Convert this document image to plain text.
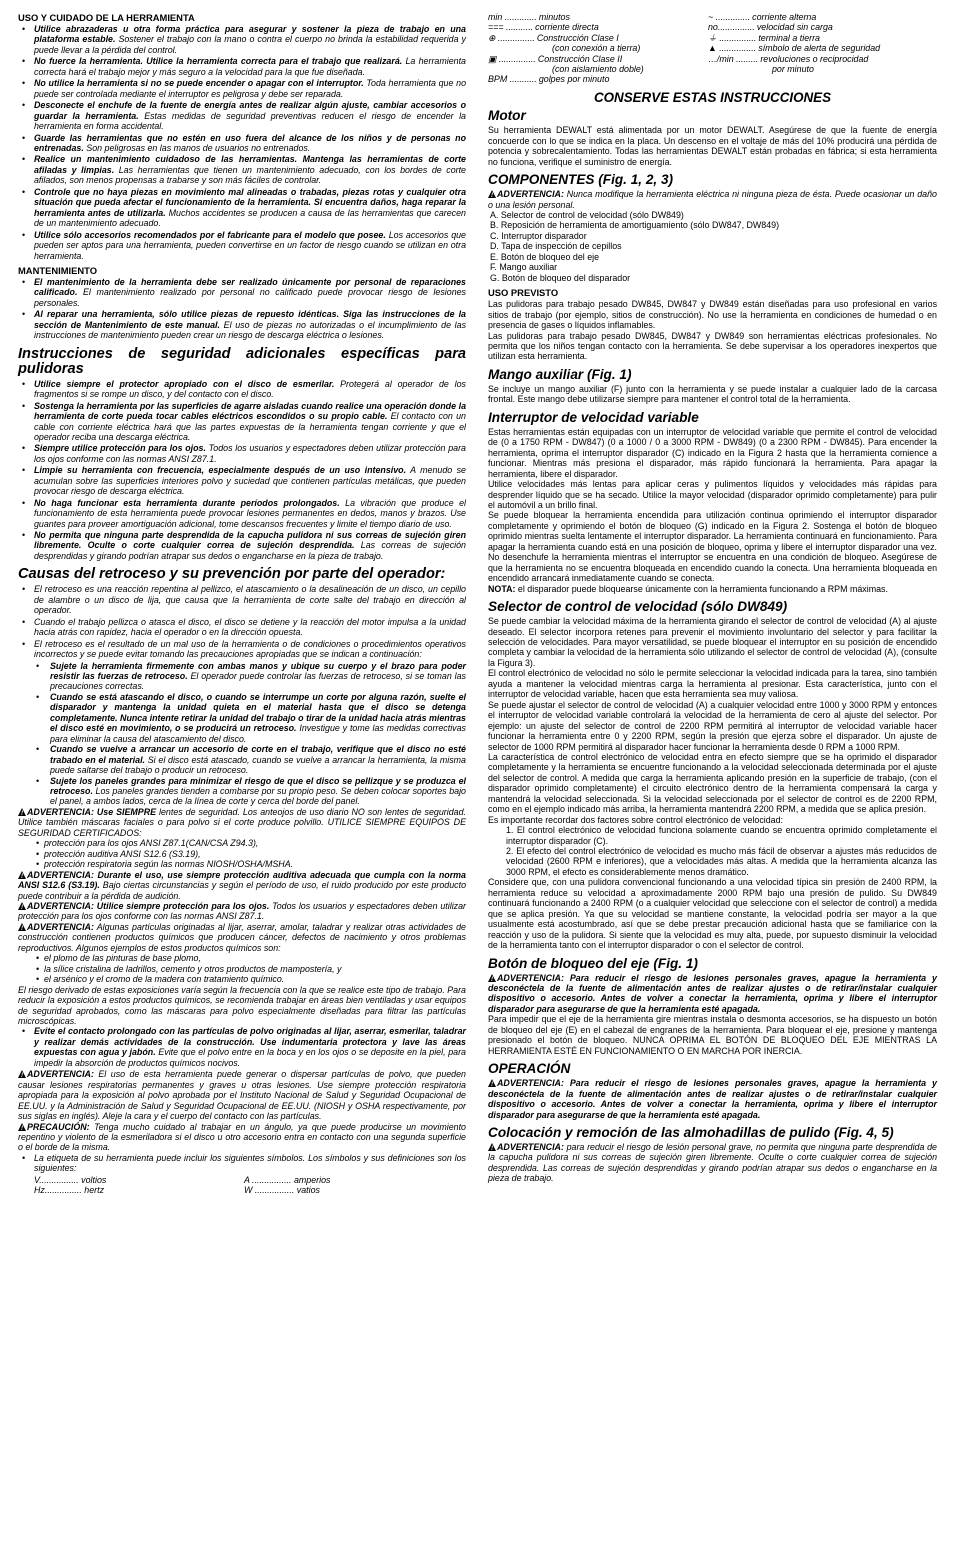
USO Y CUIDADO DE LA HERRAMIENTA
• Utilice abrazaderas u otra forma práctica para asegurar y sostener la pieza de trabajo en una plataforma estable. Sostener el trabajo con la mano o contra el cuerpo no brinda la estabilidad requerida y puede llevar a la pérdida del control.
• No fuerce la herramienta. Utilice la herramienta correcta para el trabajo que realizará. La herramienta correcta hará el trabajo mejor y más seguro a la velocidad para la que fue diseñada.
• No utilice la herramienta si no se puede encender o apagar con el interruptor. Toda herramienta que no puede ser controlada mediante el interruptor es peligrosa y debe ser reparada.
• Desconecte el enchufe de la fuente de energía antes de realizar algún ajuste, cambiar accesorios o guardar la herramienta. Estas medidas de seguridad preventivas reducen el riesgo de encender la herramienta en forma accidental.
• Guarde las herramientas que no estén en uso fuera del alcance de los niños y de personas no entrenadas. Son peligrosas en las manos de usuarios no entrenados.
• Realice un mantenimiento cuidadoso de las herramientas. Mantenga las herramientas de corte afiladas y limpias. Las herramientas que tienen un mantenimiento adecuado, con los bordes de corte afilados, son menos propensas a trabarse y son más fáciles de controlar.
• Controle que no haya piezas en movimiento mal alineadas o trabadas, piezas rotas y cualquier otra situación que pueda afectar el funcionamiento de la herramienta. Si encuentra daños, haga reparar la herramienta antes de utilizarla. Muchos accidentes se producen a causa de las herramientas que carecen de un mantenimiento adecuado.
• Utilice sólo accesorios recomendados por el fabricante para el modelo que posee. Los accesorios que pueden ser aptos para una herramienta, pueden convertirse en un factor de riesgo cuando se utilizan en otra herramienta.
MANTENIMIENTO
• El mantenimiento de la herramienta debe ser realizado únicamente por personal de reparaciones calificado. El mantenimiento realizado por personal no calificado puede provocar riesgo de lesiones personales.
• Al reparar una herramienta, sólo utilice piezas de repuesto idénticas. Siga las instrucciones de la sección de Mantenimiento de este manual. El uso de piezas no autorizadas o el incumplimiento de las instrucciones de mantenimiento pueden crear un riesgo de descarga eléctrica o lesiones.
Instrucciones de seguridad adicionales específicas para pulidoras
• Utilice siempre el protector apropiado con el disco de esmerilar. Protegerá al operador de los fragmentos si se rompe un disco, y del contacto con el disco.
• Sostenga la herramienta por las superficies de agarre aisladas cuando realice una operación donde la herramienta de corte pueda tocar cables eléctricos escondidos o su propio cable. El contacto con un cable con corriente eléctrica hará que las partes expuestas de la herramienta tengan corriente y que el operador reciba una descarga eléctrica.
• Siempre utilice protección para los ojos. Todos los usuarios y espectadores deben utilizar protección para los ojos conforme con las normas ANSI Z87.1.
• Limpie su herramienta con frecuencia, especialmente después de un uso intensivo. A menudo se acumulan sobre las superficies interiores polvo y suciedad que contienen partículas metálicas, que pueden provocar riesgo de descarga eléctrica.
• No haga funcionar esta herramienta durante períodos prolongados. La vibración que produce el funcionamiento de esta herramienta puede provocar lesiones permanentes en dedos, manos y brazos. Use guantes para proveer amortiguación adicional, tome descansos frecuentes y limite el tiempo diario de uso.
• No permita que ninguna parte desprendida de la capucha pulidora ni sus correas de sujeción giren libremente. Oculte o corte cualquier correa de sujeción desprendida. Las correas de sujeción desprendidas y girando podrían atrapar sus dedos o engancharse en la pieza de trabajo.
Causas del retroceso y su prevención por parte del operador:
• El retroceso es una reacción repentina al pellizco, el atascamiento o la desalineación de un disco, un cepillo de alambre o un disco de lija, que causa que la herramienta de corte salte del trabajo en dirección al operador.
• Cuando el trabajo pellizca o atasca el disco, el disco se detiene y la reacción del motor impulsa a la unidad hacia atrás con rapidez, hacia el operador o en la dirección opuesta.
• El retroceso es el resultado de un mal uso de la herramienta o de condiciones o procedimientos operativos incorrectos y se puede evitar tomando las precauciones apropiadas que se indican a continuación:
• Sujete la herramienta firmemente con ambas manos y ubique su cuerpo y el brazo para poder resistir las fuerzas de retroceso. El operador puede controlar las fuerzas de retroceso, si se toman las precauciones correctas.
• Cuando se está atascando el disco, o cuando se interrumpe un corte por alguna razón, suelte el disparador y mantenga la unidad quieta en el material hasta que el disco se detenga completamente. Nunca intente retirar la unidad del trabajo o tirar de la unidad hacia atrás mientras el disco esté en movimiento, o se producirá un retroceso. Investigue y tome las medidas correctivas para eliminar la causa del atascamiento del disco.
• Cuando se vuelve a arrancar un accesorio de corte en el trabajo, verifique que el disco no esté trabado en el material. Si el disco está atascado, cuando se vuelve a arrancar la herramienta, la misma puede saltarse del trabajo o producir un retroceso.
• Sujete los paneles grandes para minimizar el riesgo de que el disco se pellizque y se produzca el retroceso. Los paneles grandes tienden a combarse por su propio peso. Se deben colocar soportes bajo el panel, a ambos lados, cerca de la línea de corte y cerca del borde del panel.

!ADVERTENCIA: Use SIEMPRE lentes de seguridad. Los anteojos de uso diario NO son lentes de seguridad. Utilice también máscaras faciales o para polvo si el corte produce polvillo. UTILICE SIEMPRE EQUIPOS DE SEGURIDAD CERTIFICADOS:

• protección para los ojos ANSI Z87.1(CAN/CSA Z94.3),
• protección auditiva ANSI S12.6 (S3.19),
• protección respiratoria según las normas NIOSH/OSHA/MSHA.

!ADVERTENCIA: Durante el uso, use siempre protección auditiva adecuada que cumpla con la norma ANSI S12.6 (S3.19). Bajo ciertas circunstancias y según el período de uso, el ruido producido por este producto puede contribuir a la pérdida de audición.

!ADVERTENCIA: Utilice siempre protección para los ojos. Todos los usuarios y espectadores deben utilizar protección para los ojos conforme con las normas ANSI Z87.1.

!ADVERTENCIA: Algunas partículas originadas al lijar, aserrar, amolar, taladrar y realizar otras actividades de construcción contienen productos químicos que producen cáncer, defectos de nacimiento y otros problemas reproductivos. Algunos ejemplos de estos productos químicos son:

• el plomo de las pinturas de base plomo,
• la sílice cristalina de ladrillos, cemento y otros productos de mampostería, y
• el arsénico y el cromo de la madera con tratamiento químico.

El riesgo derivado de estas exposiciones varía según la frecuencia con la que se realice este tipo de trabajo. Para reducir la exposición a estos productos químicos, se recomienda trabajar en áreas bien ventiladas y usar equipos de seguridad aprobados, como las máscaras para polvo especialmente diseñadas para filtrar las partículas microscópicas.

• Evite el contacto prolongado con las partículas de polvo originadas al lijar, aserrar, esmerilar, taladrar y realizar demás actividades de la construcción. Use indumentaria protectora y lave las áreas expuestas con agua y jabón. Evite que el polvo entre en la boca y en los ojos o se deposite en la piel, para impedir la absorción de productos químicos nocivos.

!ADVERTENCIA: El uso de esta herramienta puede generar o dispersar partículas de polvo, que pueden causar lesiones respiratorias permanentes y graves u otras lesiones. Use siempre protección respiratoria apropiada para la exposición al polvo aprobada por el Instituto Nacional de Salud y Seguridad Ocupacional de EE.UU. y la Administración de Salud y Seguridad Ocupacional de EE.UU. (NIOSH y OSHA respectivamente, por sus siglas en inglés). Aleje la cara y el cuerpo del contacto con las partículas.

!PRECAUCIÓN: Tenga mucho cuidado al trabajar en un ángulo, ya que puede producirse un movimiento repentino y violento de la esmeriladora si el disco u otro accesorio entra en contacto con una segunda superficie o el borde de la misma.

• La etiqueta de su herramienta puede incluir los siguientes símbolos. Los símbolos y sus definiciones son los siguientes:
V................ voltios	A ................ amperios
Hz............... hertz	W ................ vatios
min ............. minutos	~ .............. corriente alterna
=== ........... corriente directa	no............... velocidad sin carga
⊕ ............... Construcción Clase I	⏚ ............... terminal a tierra
(con conexión a tierra)	▲ ............... símbolo de alerta de seguridad
▣ ............... Construcción Clase II	…/min ......... revoluciones o reciprocidad
(con aislamiento doble)	por minuto
BPM ........... golpes por minuto
CONSERVE ESTAS INSTRUCCIONES
Motor

Su herramienta DEWALT está alimentada por un motor DEWALT. Asegúrese de que la fuente de energía concuerde con lo que se indica en la placa. Un descenso en el voltaje de más del 10% producirá una pérdida de potencia y sobrecalentamiento. Todas las herramientas DEWALT están probadas en fábrica; si esta herramienta no funciona, verifique el suministro de energía.

COMPONENTES (Fig. 1, 2, 3)

!ADVERTENCIA: Nunca modifique la herramienta eléctrica ni ninguna pieza de ésta. Puede ocasionar un daño o una lesión personal.

A. Selector de control de velocidad (sólo DW849)
B. Reposición de herramienta de amortiguamiento (sólo DW847, DW849)
C. Interruptor disparador
D. Tapa de inspección de cepillos
E. Botón de bloqueo del eje
F. Mango auxiliar
G. Botón de bloqueo del disparador
USO PREVISTO

Las pulidoras para trabajo pesado DW845, DW847 y DW849 están diseñadas para uso profesional en varios sitios de trabajo (por ejemplo, sitios de construcción). No use la herramienta en condiciones de humedad o en presencia de gases o líquidos inflamables.

Las pulidoras para trabajo pesado DW845, DW847 y DW849 son herramientas eléctricas profesionales. No permita que los niños tengan contacto con la herramienta. Se debe supervisar a los operadores inexpertos que utilizan esta herramienta.

Mango auxiliar (Fig. 1)

Se incluye un mango auxiliar (F) junto con la herramienta y se puede instalar a cualquier lado de la carcasa frontal. Este mango debe utilizarse siempre para mantener el control total de la herramienta.

Interruptor de velocidad variable

Estas herramientas están equipadas con un interruptor de velocidad variable que permite el control de velocidad de (0 a 1750 RPM - DW847) (0 a 1000 / 0 a 3000 RPM - DW849) (0 a 2300 RPM - DW845). Para encender la herramienta, oprima el interruptor disparador (C) indicado en la Figura 2 hasta que la herramienta comience a funcionar. Mientras más presiona el disparador, más rápido funcionará la herramienta. Para apagar la herramienta, libere el disparador.

Utilice velocidades más lentas para aplicar ceras y pulimentos líquidos y velocidades más rápidas para desprender líquido que se ha secado. Utilice la mayor velocidad (disparador oprimido completamente) para pulir el automóvil a un brillo final.

Se puede bloquear la herramienta encendida para utilización continua oprimiendo el interruptor disparador completamente y oprimiendo el botón de bloqueo (G) indicado en la Figura 2. Sostenga el botón de bloqueo oprimido mientras suelta lentamente el interruptor disparador. La herramienta continuará en funcionamiento. Para apagar la herramienta cuando está en una posición de bloqueo, oprima y libere el interruptor disparador una vez. No desenchufe la herramienta mientras el interruptor se encuentra en una condición de bloqueo. Asegúrese de que la herramienta no se encuentra bloqueada en encendido cuando la conecta. Una herramienta bloqueada en encendido arrancará inmediatamente cuando se conecta.

NOTA: el disparador puede bloquearse únicamente con la herramienta funcionando a RPM máximas.

Selector de control de velocidad (sólo DW849)

Se puede cambiar la velocidad máxima de la herramienta girando el selector de control de velocidad (A) al ajuste deseado. El selector incorpora retenes para prevenir el movimiento involuntario del selector y para facilitar la selección de velocidades. Para mayor versatilidad, se puede bloquear el interruptor en su posición de encendido completa y cambiar la velocidad de la herramienta sólo utilizando el selector de control de velocidad (A), (consulte la Figura 3).

El control electrónico de velocidad no sólo le permite seleccionar la velocidad indicada para la tarea, sino también ayuda a mantener la velocidad mientras carga la herramienta al presionar. Esta característica, junto con el interruptor de velocidad variable, hacen que esta herramienta sea muy valiosa.

Se puede ajustar el selector de control de velocidad (A) a cualquier velocidad entre 1000 y 3000 RPM y entonces el interruptor de velocidad variable controlará la velocidad de la herramienta de cero al ajuste del selector. Por ejemplo: un ajuste del selector de control de 2200 RPM permitirá al interruptor de velocidad variable hacer funcionar la herramienta entre 0 y 2200 RPM, según la presión que ejerza sobre el disparador. Un ajuste de selector de 1000 RPM permitirá al disparador hacer funcionar la herramienta desde 0 RPM a 1000 RPM.

La característica de control electrónico de velocidad entra en efecto siempre que se ha oprimido el disparador completamente y la herramienta se encuentre funcionando a la velocidad seleccionada determinada por el ajuste del selector de control. A medida que carga la herramienta aplicando presión en la superficie de trabajo, (con el disparador oprimido completamente) el circuito electrónico dentro de la herramienta compensará la carga y mantendrá la velocidad seleccionada. Si la velocidad seleccionada por el selector de control es de 2200 RPM, como en el ejemplo indicado más arriba, la herramienta mantendrá 2200 RPM, a medida que se aplica presión.

Es importante recordar dos factores sobre control electrónico de velocidad:

1. El control electrónico de velocidad funciona solamente cuando se encuentra oprimido completamente el interruptor disparador (C).
2. El efecto del control electrónico de velocidad es mucho más fácil de observar a ajustes más reducidos de velocidad (2600 RPM e inferiores), que a velocidades más altas. A medida que la herramienta alcanza las 3000 RPM, el efecto es considerablemente menos dramático.

Considere que, con una pulidora convencional funcionando a una velocidad típica sin presión de 2400 RPM, la herramienta reduce su velocidad a aproximadamente 2000 RPM bajo una presión de pulido. Su DW849 continuará funcionando a 2400 RPM (o a cualquier velocidad que seleccione con el selector de control) a medida que se aplica presión. Ya que su velocidad se mantiene constante, la velocidad podría ser mayor a la que usualmente está acostumbrado, así que se debe prestar precaución adicional hasta que se familiarice con la reacción y uso de la pulidora. Si siente que la velocidad es muy alta, puede, por supuesto disminuir la velocidad de la herramienta tanto con el interruptor disparador o con el selector de control.

Botón de bloqueo del eje (Fig. 1)

!ADVERTENCIA: Para reducir el riesgo de lesiones personales graves, apague la herramienta y desconéctela de la fuente de alimentación antes de realizar ajustes o de retirar/instalar cualquier dispositivo o accesorio. Antes de volver a conectar la herramienta, oprima y libere el interruptor disparador para asegurarse de que la herramienta esté apagada.

Para impedir que el eje de la herramienta gire mientras instala o desmonta accesorios, se ha dispuesto un botón de bloqueo del eje (E) en el cabezal de engranes de la herramienta. Para bloquear el eje, presione y mantenga presionado el botón de bloqueo. NUNCA OPRIMA EL BOTÓN DE BLOQUEO DEL EJE MIENTRAS LA HERRAMIENTA ESTÉ EN FUNCIONAMIENTO O EN MARCHA POR INERCIA.

OPERACIÓN

!ADVERTENCIA: Para reducir el riesgo de lesiones personales graves, apague la herramienta y desconéctela de la fuente de alimentación antes de realizar ajustes o de retirar/instalar cualquier dispositivo o accesorio. Antes de volver a conectar la herramienta, oprima y libere el interruptor disparador para asegurarse de que la herramienta esté apagada.

Colocación y remoción de las almohadillas de pulido (Fig. 4, 5)

!ADVERTENCIA: para reducir el riesgo de lesión personal grave, no permita que ninguna parte desprendida de la capucha pulidora ni sus correas de sujeción giren libremente. Oculte o corte cualquier correa de sujeción desprendida. Las correas de sujeción desprendidas y girando podrían atrapar sus dedos o engancharse en la pieza de trabajo.
